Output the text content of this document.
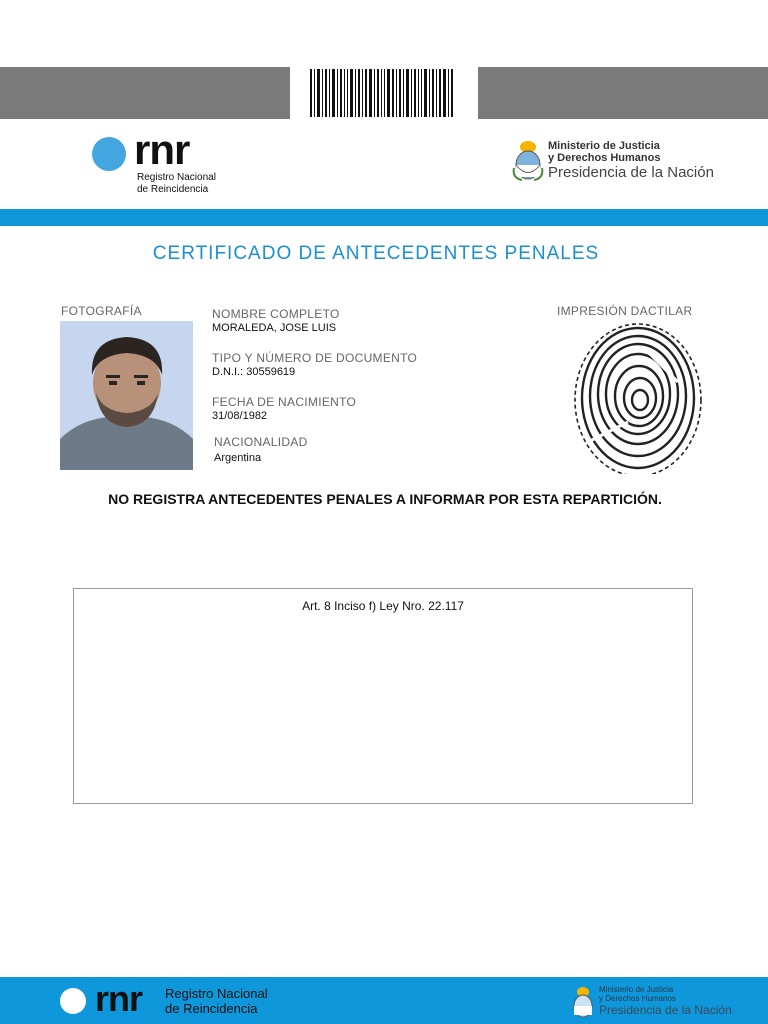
rnr
Registro Nacional
de Reincidencia
Ministerio de Justicia
y Derechos Humanos
Presidencia de la Nación
CERTIFICADO DE ANTECEDENTES PENALES
FOTOGRAFÍA	NOMBRE COMPLETO
MORALEDA, JOSE LUIS
TIPO Y NÚMERO DE DOCUMENTO
D.N.I.: 30559619
FECHA DE NACIMIENTO
31/08/1982
NACIONALIDAD
Argentina
IMPRESIÓN DACTILAR
NO REGISTRA ANTECEDENTES PENALES A INFORMAR POR ESTA REPARTICIÓN.
Art. 8 Inciso f) Ley Nro. 22.117
rnr Registro Nacional
de Reincidencia
Ministerio de Justicia
y Derechos Humanos
Presidencia de la Nación
